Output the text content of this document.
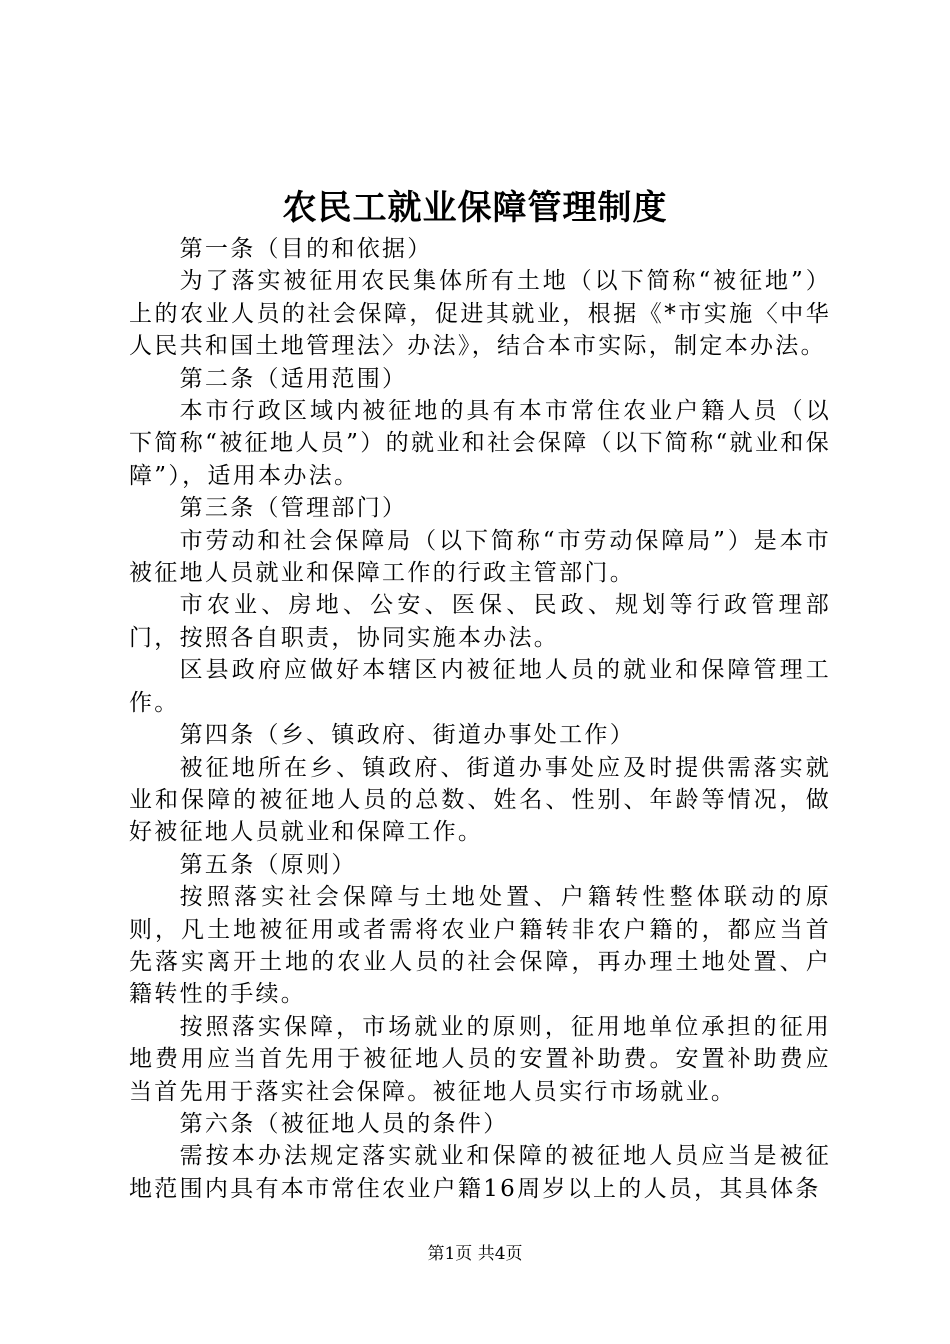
农民工就业保障管理制度

第一条（目的和依据）

为了落实被征用农民集体所有土地（以下简称“被征地”）上的农业人员的社会保障，促进其就业，根据《*市实施〈中华人民共和国土地管理法〉办法》，结合本市实际，制定本办法。

第二条（适用范围）

本市行政区域内被征地的具有本市常住农业户籍人员（以下简称“被征地人员”）的就业和社会保障（以下简称“就业和保障”），适用本办法。

第三条（管理部门）

市劳动和社会保障局（以下简称“市劳动保障局”）是本市被征地人员就业和保障工作的行政主管部门。

市农业、房地、公安、医保、民政、规划等行政管理部门，按照各自职责，协同实施本办法。

区县政府应做好本辖区内被征地人员的就业和保障管理工作。

第四条（乡、镇政府、街道办事处工作）

被征地所在乡、镇政府、街道办事处应及时提供需落实就业和保障的被征地人员的总数、姓名、性别、年龄等情况，做好被征地人员就业和保障工作。

第五条（原则）

按照落实社会保障与土地处置、户籍转性整体联动的原则，凡土地被征用或者需将农业户籍转非农户籍的，都应当首先落实离开土地的农业人员的社会保障，再办理土地处置、户籍转性的手续。

按照落实保障，市场就业的原则，征用地单位承担的征用地费用应当首先用于被征地人员的安置补助费。安置补助费应当首先用于落实社会保障。被征地人员实行市场就业。

第六条（被征地人员的条件）

需按本办法规定落实就业和保障的被征地人员应当是被征地范围内具有本市常住农业户籍16周岁以上的人员，其具体条

第1页 共4页
